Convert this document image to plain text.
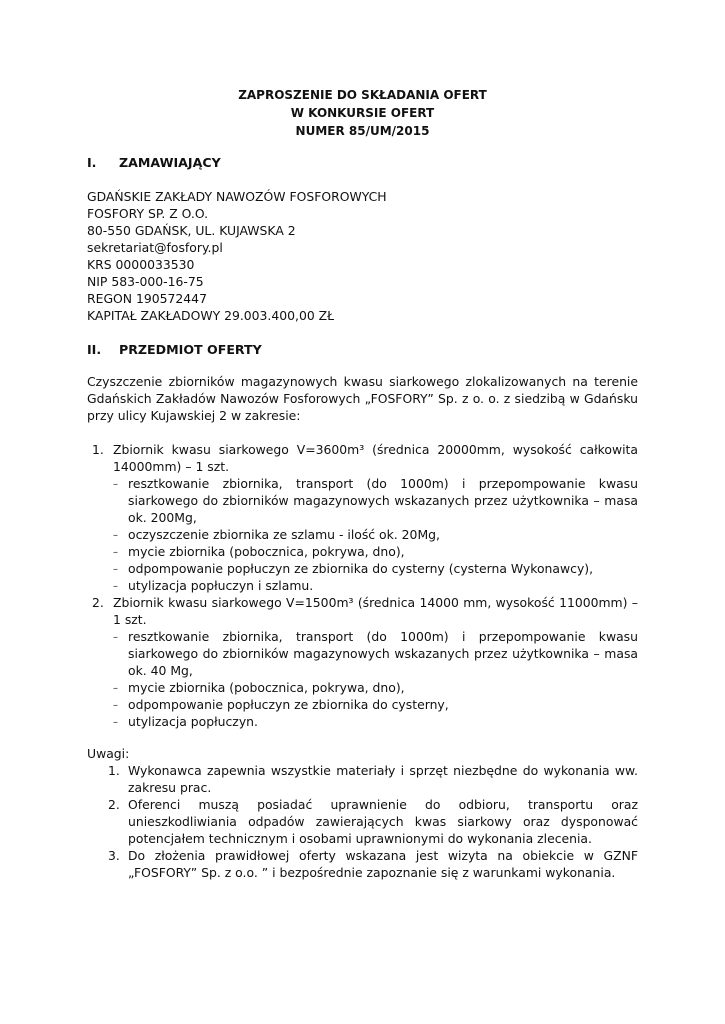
ZAPROSZENIE DO SKŁADANIA OFERT
W KONKURSIE OFERT
NUMER 85/UM/2015
I. ZAMAWIAJĄCY
GDAŃSKIE ZAKŁADY NAWOZÓW FOSFOROWYCH
FOSFORY SP. Z O.O.
80-550 GDAŃSK, UL. KUJAWSKA 2
sekretariat@fosfory.pl
KRS 0000033530
NIP 583-000-16-75
REGON 190572447
KAPITAŁ ZAKŁADOWY 29.003.400,00 ZŁ
II. PRZEDMIOT OFERTY
Czyszczenie zbiorników magazynowych kwasu siarkowego zlokalizowanych na terenie
Gdańskich Zakładów Nawozów Fosforowych „FOSFORY” Sp. z o. o. z siedzibą w Gdańsku
przy ulicy Kujawskiej 2 w zakresie:
1. Zbiornik kwasu siarkowego V=3600m³ (średnica 20000mm, wysokość całkowita
14000mm) – 1 szt.
– resztkowanie zbiornika, transport (do 1000m) i przepompowanie kwasu
siarkowego do zbiorników magazynowych wskazanych przez użytkownika – masa
ok. 200Mg,
– oczyszczenie zbiornika ze szlamu - ilość ok. 20Mg,
– mycie zbiornika (pobocznica, pokrywa, dno),
– odpompowanie popłuczyn ze zbiornika do cysterny (cysterna Wykonawcy),
– utylizacja popłuczyn i szlamu.
2. Zbiornik kwasu siarkowego V=1500m³ (średnica 14000 mm, wysokość 11000mm) –
1 szt.
– resztkowanie zbiornika, transport (do 1000m) i przepompowanie kwasu
siarkowego do zbiorników magazynowych wskazanych przez użytkownika – masa
ok. 40 Mg,
– mycie zbiornika (pobocznica, pokrywa, dno),
– odpompowanie popłuczyn ze zbiornika do cysterny,
– utylizacja popłuczyn.
Uwagi:
1. Wykonawca zapewnia wszystkie materiały i sprzęt niezbędne do wykonania ww.
zakresu prac.
2. Oferenci muszą posiadać uprawnienie do odbioru, transportu oraz
unieszkodliwiania odpadów zawierających kwas siarkowy oraz dysponować
potencjałem technicznym i osobami uprawnionymi do wykonania zlecenia.
3. Do złożenia prawidłowej oferty wskazana jest wizyta na obiekcie w GZNF
„FOSFORY” Sp. z o.o. ” i bezpośrednie zapoznanie się z warunkami wykonania.
